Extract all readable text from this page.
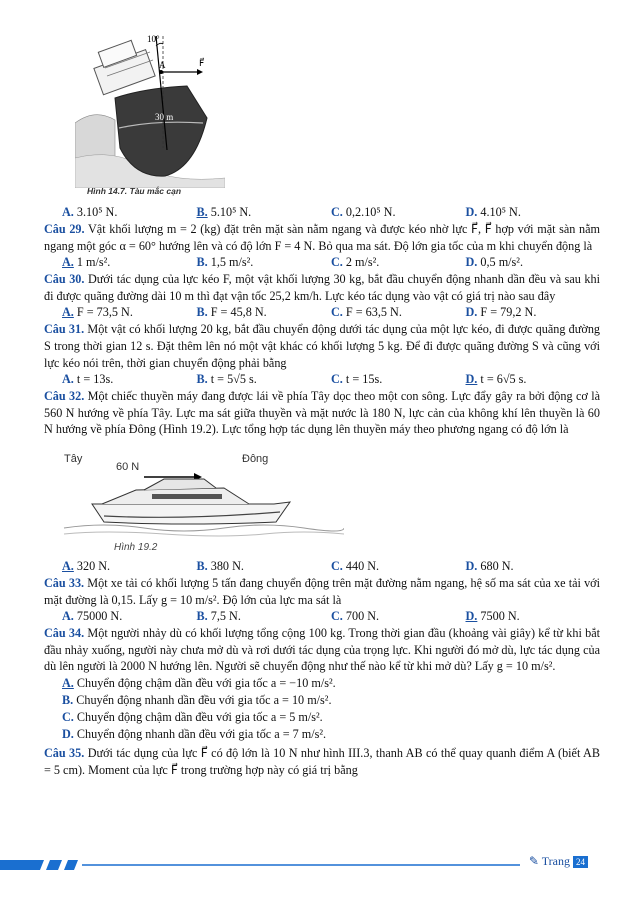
10°
A	F⃗
30 m
Hình 14.7. Tàu mắc cạn
A. 3.10⁵ N.	B. 5.10⁵ N.	C. 0,2.10⁵ N.	D. 4.10⁵ N.

Câu 29. Vật khối lượng m = 2 (kg) đặt trên mặt sàn nằm ngang và được kéo nhờ lực F⃗, F⃗ hợp với mặt sàn nằm ngang một góc α = 60° hướng lên và có độ lớn F = 4 N. Bỏ qua ma sát. Độ lớn gia tốc của m khi chuyển động là

A. 1 m/s².	B. 1,5 m/s².	C. 2 m/s².	D. 0,5 m/s².

Câu 30. Dưới tác dụng của lực kéo F, một vật khối lượng 30 kg, bắt đầu chuyển động nhanh dần đều và sau khi đi được quãng đường dài 10 m thì đạt vận tốc 25,2 km/h. Lực kéo tác dụng vào vật có giá trị nào sau đây

A. F = 73,5 N.	B. F = 45,8 N.	C. F = 63,5 N.	D. F = 79,2 N.

Câu 31. Một vật có khối lượng 20 kg, bắt đầu chuyển động dưới tác dụng của một lực kéo, đi được quãng đường S trong thời gian 12 s. Đặt thêm lên nó một vật khác có khối lượng 5 kg. Để đi được quãng đường S và cũng với lực kéo nói trên, thời gian chuyển động phải bằng

A. t = 13s.	B. t = 5√5 s.	C. t = 15s.	D. t = 6√5 s.

Câu 32. Một chiếc thuyền máy đang được lái về phía Tây dọc theo một con sông. Lực đẩy gây ra bởi động cơ là 560 N hướng về phía Tây. Lực ma sát giữa thuyền và mặt nước là 180 N, lực cản của không khí lên thuyền là 60 N hướng về phía Đông (Hình 19.2). Lực tổng hợp tác dụng lên thuyền máy theo phương ngang có độ lớn là

Tây
60 N
Đông
Hình 19.2
A. 320 N.	B. 380 N.	C. 440 N.	D. 680 N.

Câu 33. Một xe tải có khối lượng 5 tấn đang chuyển động trên mặt đường nằm ngang, hệ số ma sát của xe tải với mặt đường là 0,15. Lấy g = 10 m/s². Độ lớn của lực ma sát là

A. 75000 N.	B. 7,5 N.	C. 700 N.	D. 7500 N.

Câu 34. Một người nhảy dù có khối lượng tổng cộng 100 kg. Trong thời gian đầu (khoảng vài giây) kể từ khi bắt đầu nhảy xuống, người này chưa mở dù và rơi dưới tác dụng của trọng lực. Khi người đó mở dù, lực tác dụng của dù lên người là 2000 N hướng lên. Người sẽ chuyển động như thế nào kể từ khi mở dù? Lấy g = 10 m/s².

A. Chuyển động chậm dần đều với gia tốc a = −10 m/s².
B. Chuyển động nhanh dần đều với gia tốc a = 10 m/s².
C. Chuyển động chậm dần đều với gia tốc a = 5 m/s².
D. Chuyển động nhanh dần đều với gia tốc a = 7 m/s².

Câu 35. Dưới tác dụng của lực F⃗ có độ lớn là 10 N như hình III.3, thanh AB có thể quay quanh điểm A (biết AB = 5 cm). Moment của lực F⃗ trong trường hợp này có giá trị bằng

✎ Trang 24
